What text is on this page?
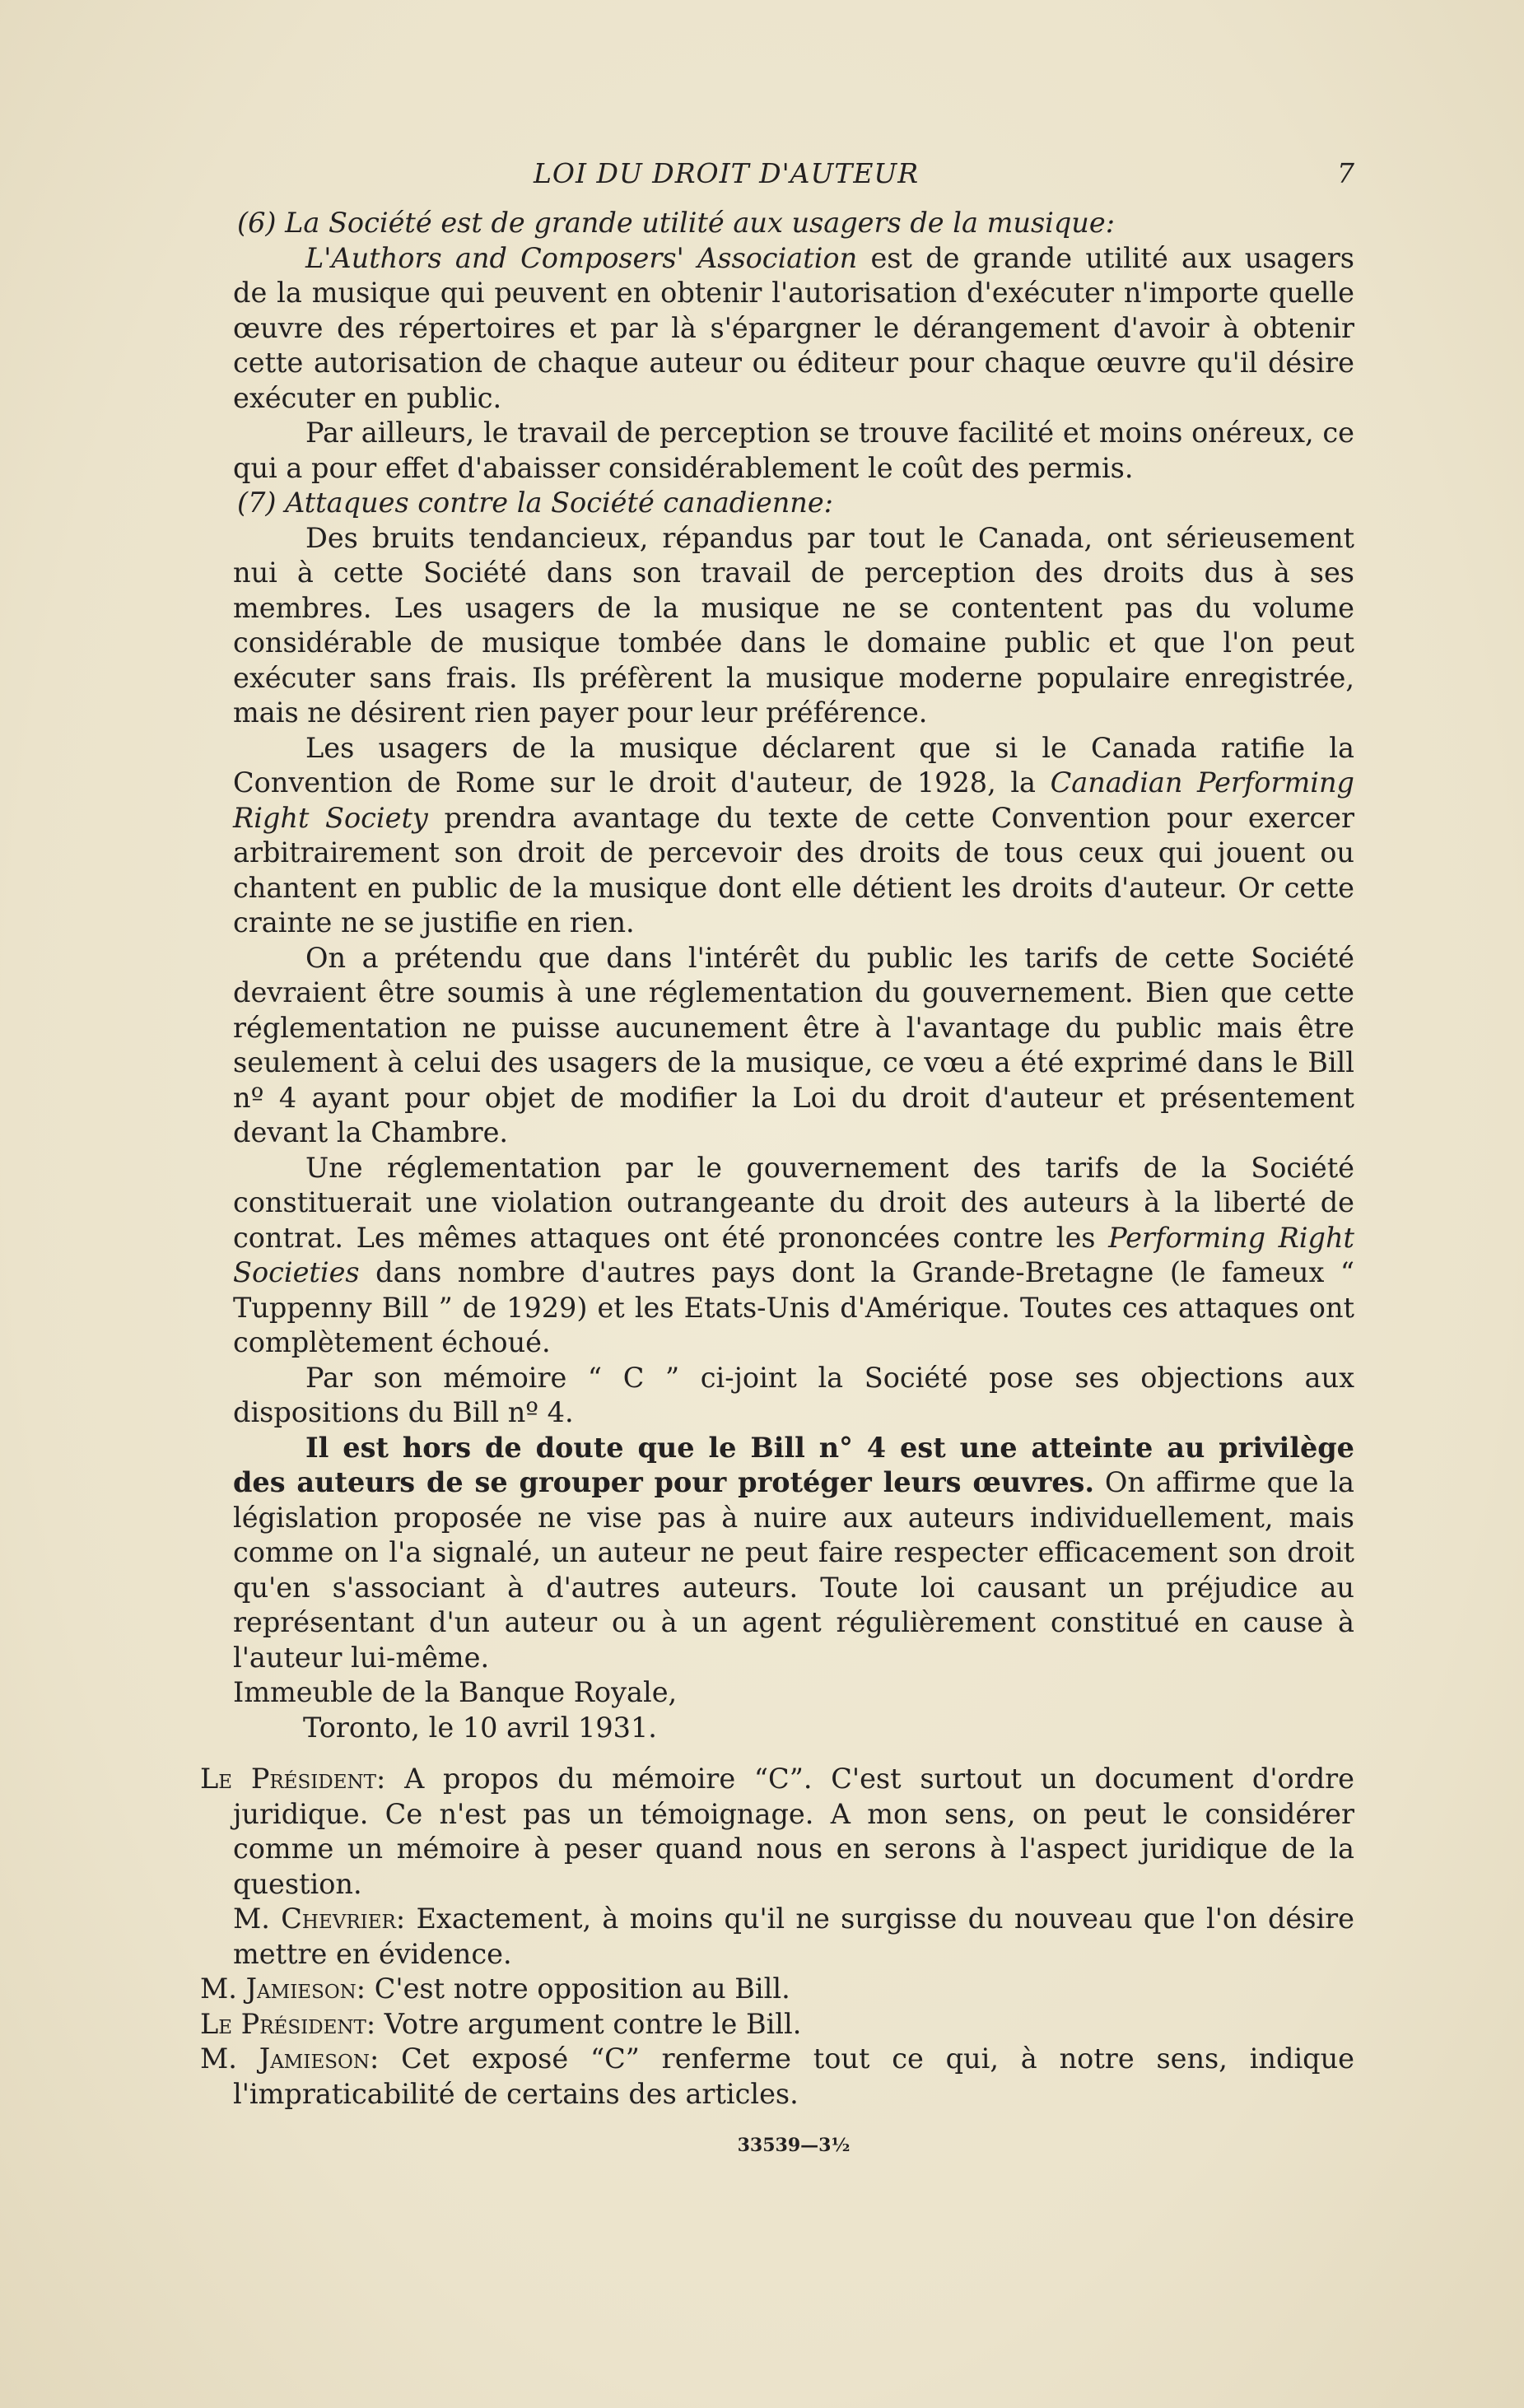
LOI DU DROIT D'AUTEUR	7

(6) La Société est de grande utilité aux usagers de la musique:

L'Authors and Composers' Association est de grande utilité aux usagers de la musique qui peuvent en obtenir l'autorisation d'exécuter n'importe quelle œuvre des répertoires et par là s'épargner le dérangement d'avoir à obtenir cette autorisation de chaque auteur ou éditeur pour chaque œuvre qu'il désire exécuter en public.

Par ailleurs, le travail de perception se trouve facilité et moins onéreux, ce qui a pour effet d'abaisser considérablement le coût des permis.

(7) Attaques contre la Société canadienne:

Des bruits tendancieux, répandus par tout le Canada, ont sérieusement nui à cette Société dans son travail de perception des droits dus à ses membres. Les usagers de la musique ne se contentent pas du volume considérable de musique tombée dans le domaine public et que l'on peut exécuter sans frais. Ils préfèrent la musique moderne populaire enregistrée, mais ne désirent rien payer pour leur préférence.

Les usagers de la musique déclarent que si le Canada ratifie la Convention de Rome sur le droit d'auteur, de 1928, la Canadian Performing Right Society prendra avantage du texte de cette Convention pour exercer arbitrairement son droit de percevoir des droits de tous ceux qui jouent ou chantent en public de la musique dont elle détient les droits d'auteur. Or cette crainte ne se justifie en rien.

On a prétendu que dans l'intérêt du public les tarifs de cette Société devraient être soumis à une réglementation du gouvernement. Bien que cette réglementation ne puisse aucunement être à l'avantage du public mais être seulement à celui des usagers de la musique, ce vœu a été exprimé dans le Bill nº 4 ayant pour objet de modifier la Loi du droit d'auteur et présentement devant la Chambre.

Une réglementation par le gouvernement des tarifs de la Société constituerait une violation outrangeante du droit des auteurs à la liberté de contrat. Les mêmes attaques ont été prononcées contre les Performing Right Societies dans nombre d'autres pays dont la Grande-Bretagne (le fameux “ Tuppenny Bill ” de 1929) et les Etats-Unis d'Amérique. Toutes ces attaques ont complètement échoué.

Par son mémoire “ C ” ci-joint la Société pose ses objections aux dispositions du Bill nº 4.

Il est hors de doute que le Bill n° 4 est une atteinte au privilège des auteurs de se grouper pour protéger leurs œuvres. On affirme que la législation proposée ne vise pas à nuire aux auteurs individuellement, mais comme on l'a signalé, un auteur ne peut faire respecter efficacement son droit qu'en s'associant à d'autres auteurs. Toute loi causant un préjudice au représentant d'un auteur ou à un agent régulièrement constitué en cause à l'auteur lui-même.

Immeuble de la Banque Royale,

Toronto, le 10 avril 1931.

Le Président: A propos du mémoire “C”. C'est surtout un document d'ordre juridique. Ce n'est pas un témoignage. A mon sens, on peut le considérer comme un mémoire à peser quand nous en serons à l'aspect juridique de la question.

M. Chevrier: Exactement, à moins qu'il ne surgisse du nouveau que l'on désire mettre en évidence.

M. Jamieson: C'est notre opposition au Bill.

Le Président: Votre argument contre le Bill.

M. Jamieson: Cet exposé “C” renferme tout ce qui, à notre sens, indique l'impraticabilité de certains des articles.

33539—3½
